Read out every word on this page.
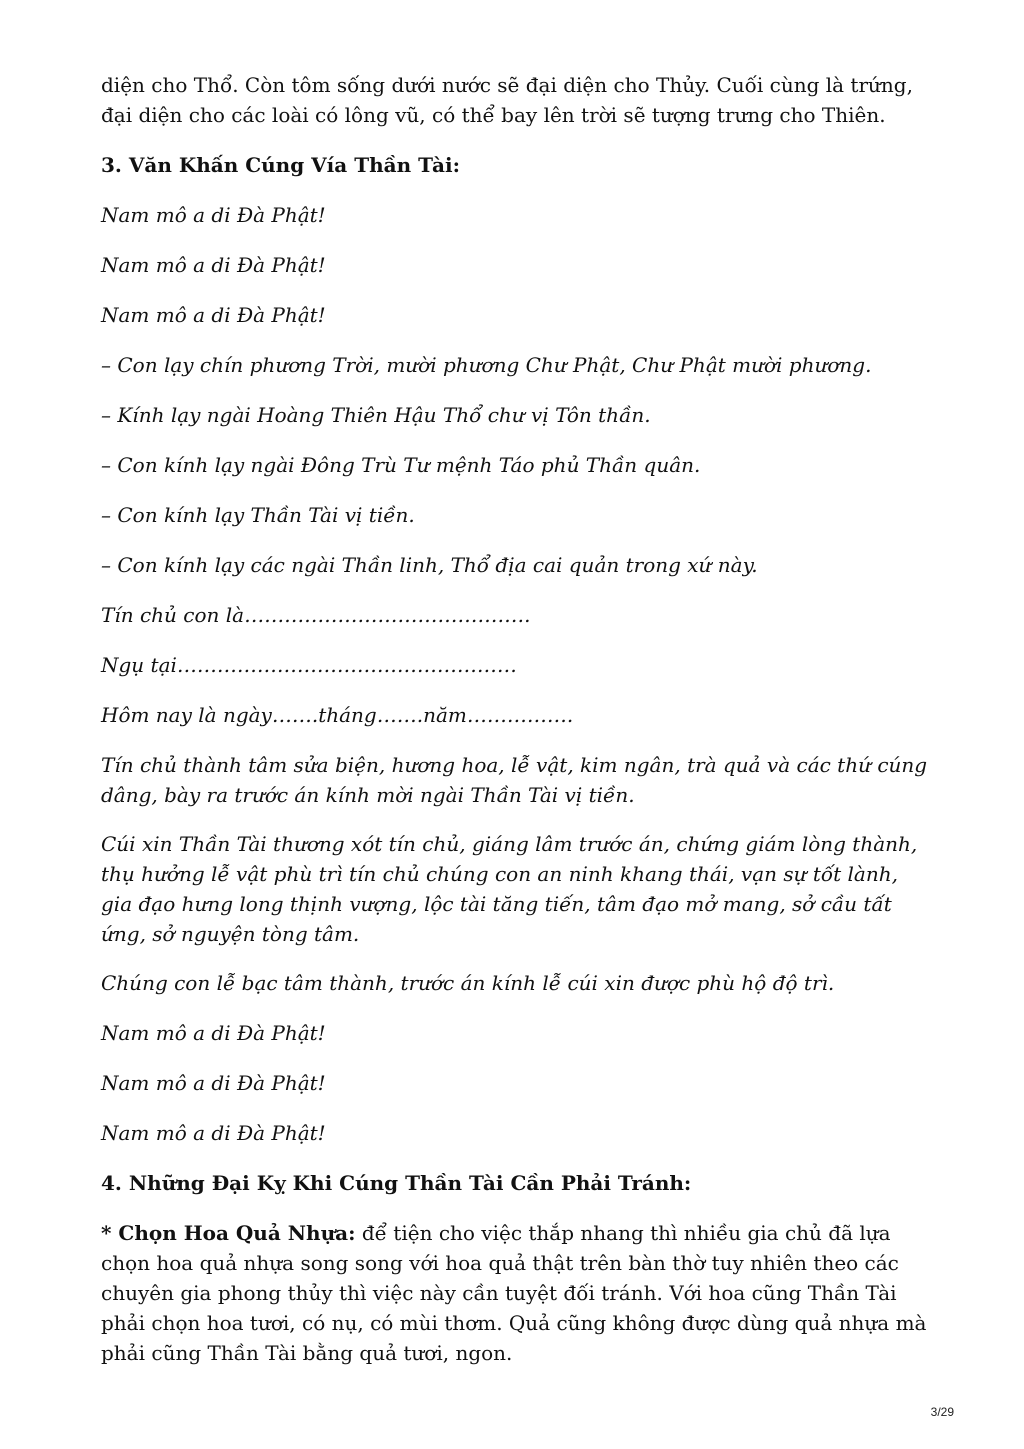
diện cho Thổ. Còn tôm sống dưới nước sẽ đại diện cho Thủy. Cuối cùng là trứng, đại diện cho các loài có lông vũ, có thể bay lên trời sẽ tượng trưng cho Thiên.

3. Văn Khấn Cúng Vía Thần Tài:

Nam mô a di Đà Phật!

Nam mô a di Đà Phật!

Nam mô a di Đà Phật!

– Con lạy chín phương Trời, mười phương Chư Phật, Chư Phật mười phương.

– Kính lạy ngài Hoàng Thiên Hậu Thổ chư vị Tôn thần.

– Con kính lạy ngài Đông Trù Tư mệnh Táo phủ Thần quân.

– Con kính lạy Thần Tài vị tiền.

– Con kính lạy các ngài Thần linh, Thổ địa cai quản trong xứ này.

Tín chủ con là…………………………………….

Ngụ tại……………………………………………

Hôm nay là ngày…….tháng…….năm…………….

Tín chủ thành tâm sửa biện, hương hoa, lễ vật, kim ngân, trà quả và các thứ cúng dâng, bày ra trước án kính mời ngài Thần Tài vị tiền.

Cúi xin Thần Tài thương xót tín chủ, giáng lâm trước án, chứng giám lòng thành, thụ hưởng lễ vật phù trì tín chủ chúng con an ninh khang thái, vạn sự tốt lành, gia đạo hưng long thịnh vượng, lộc tài tăng tiến, tâm đạo mở mang, sở cầu tất ứng, sở nguyện tòng tâm.

Chúng con lễ bạc tâm thành, trước án kính lễ cúi xin được phù hộ độ trì.

Nam mô a di Đà Phật!

Nam mô a di Đà Phật!

Nam mô a di Đà Phật!

4. Những Đại Kỵ Khi Cúng Thần Tài Cần Phải Tránh:

* Chọn Hoa Quả Nhựa: để tiện cho việc thắp nhang thì nhiều gia chủ đã lựa chọn hoa quả nhựa song song với hoa quả thật trên bàn thờ tuy nhiên theo các chuyên gia phong thủy thì việc này cần tuyệt đối tránh. Với hoa cũng Thần Tài phải chọn hoa tươi, có nụ, có mùi thơm. Quả cũng không được dùng quả nhựa mà phải cũng Thần Tài bằng quả tươi, ngon.

3/29
